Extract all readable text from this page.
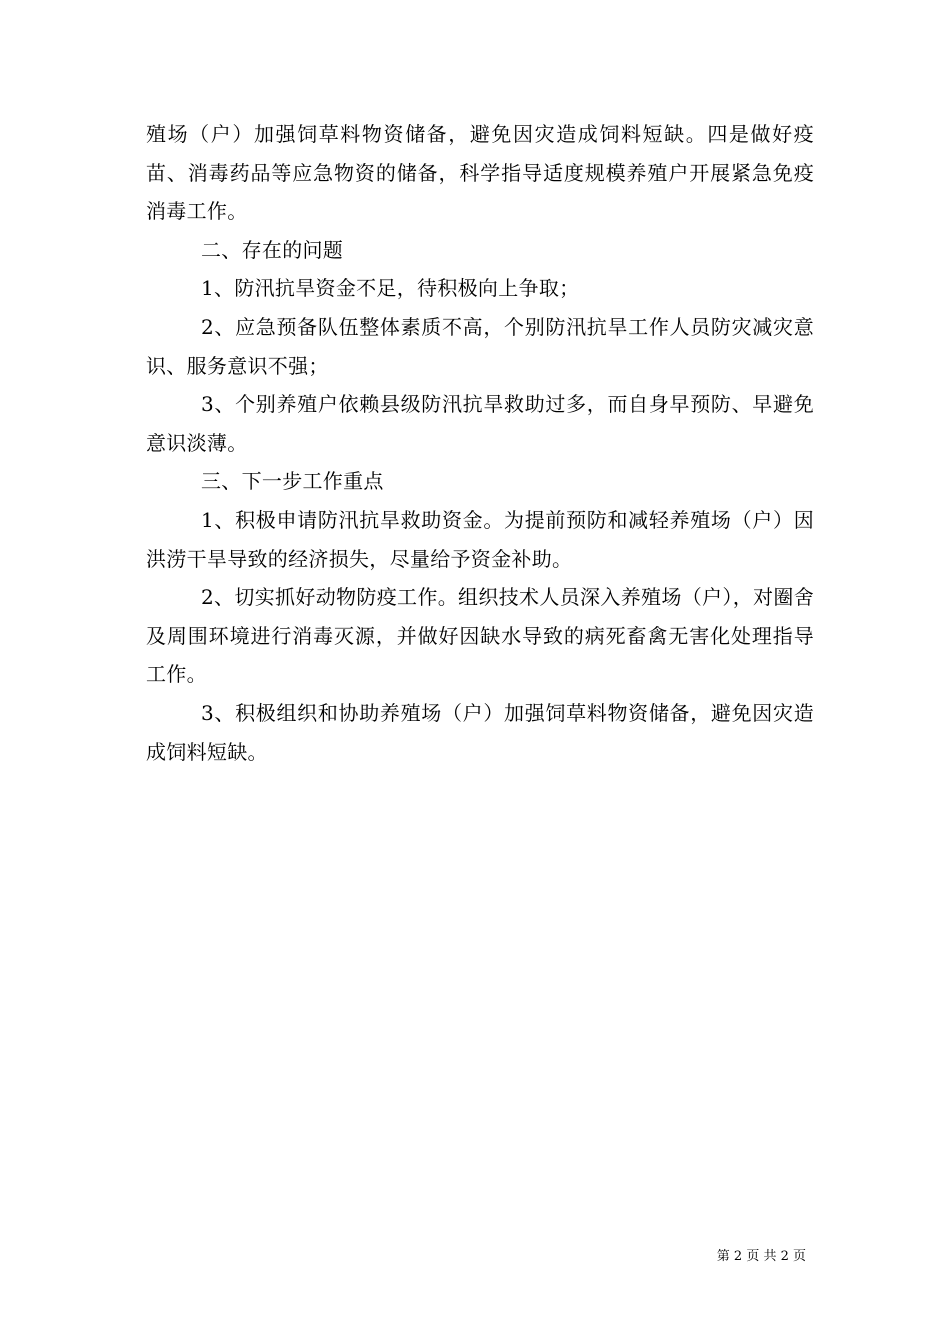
殖场（户）加强饲草料物资储备，避免因灾造成饲料短缺。四是做好疫苗、消毒药品等应急物资的储备，科学指导适度规模养殖户开展紧急免疫消毒工作。

二、存在的问题

1、防汛抗旱资金不足，待积极向上争取；

2、应急预备队伍整体素质不高，个别防汛抗旱工作人员防灾减灾意识、服务意识不强；

3、个别养殖户依赖县级防汛抗旱救助过多，而自身早预防、早避免意识淡薄。

三、下一步工作重点

1、积极申请防汛抗旱救助资金。为提前预防和减轻养殖场（户）因洪涝干旱导致的经济损失，尽量给予资金补助。

2、切实抓好动物防疫工作。组织技术人员深入养殖场（户），对圈舍及周围环境进行消毒灭源，并做好因缺水导致的病死畜禽无害化处理指导工作。

3、积极组织和协助养殖场（户）加强饲草料物资储备，避免因灾造成饲料短缺。

第 2 页 共 2 页
